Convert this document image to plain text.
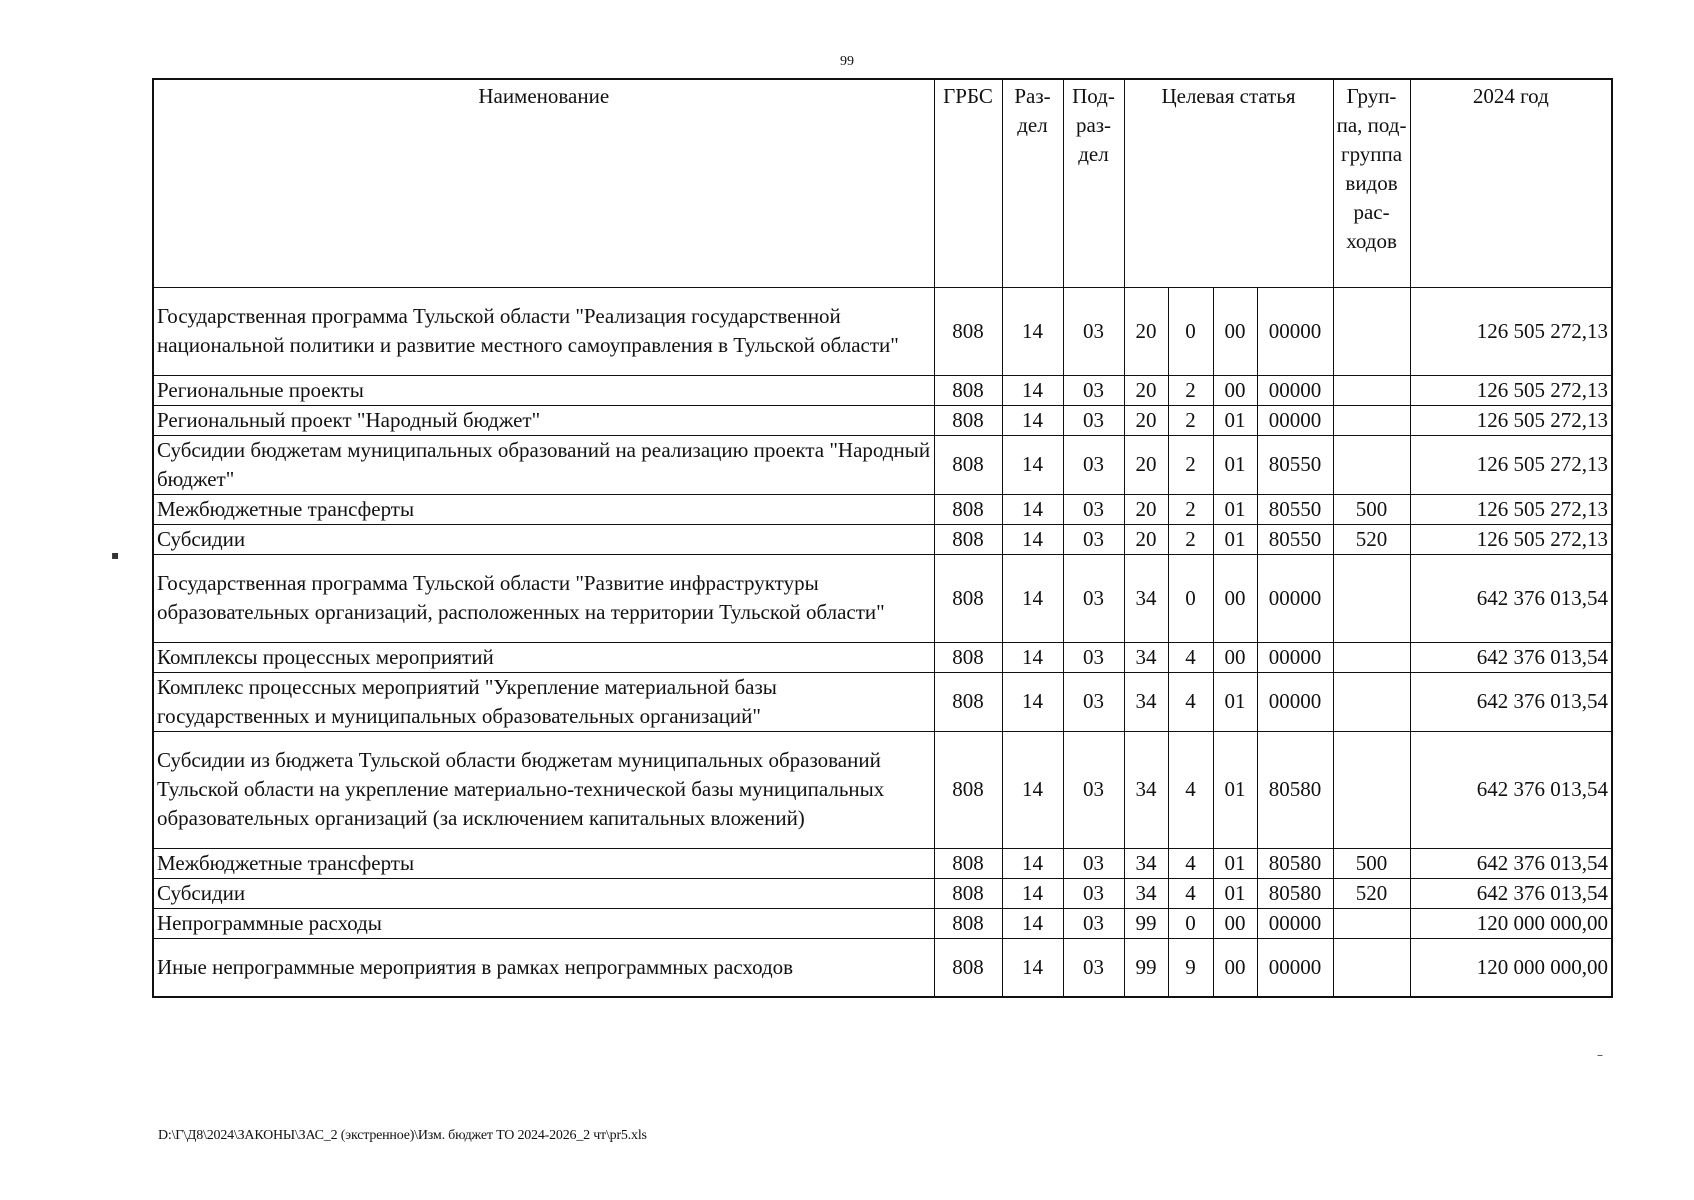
99
Наименование	ГРБС	Раз- дел	Под- раз- дел	Целевая статья				Груп- па, под- группа видов рас- ходов	2024 год
Государственная программа Тульской области "Реализация государственной национальной политики и развитие местного самоуправления в Тульской области"	808	14	03	20	0	00	00000		126 505 272,13
Региональные проекты	808	14	03	20	2	00	00000		126 505 272,13
Региональный проект "Народный бюджет"	808	14	03	20	2	01	00000		126 505 272,13
Субсидии бюджетам муниципальных образований на реализацию проекта "Народный бюджет"	808	14	03	20	2	01	80550		126 505 272,13
Межбюджетные трансферты	808	14	03	20	2	01	80550	500	126 505 272,13
Субсидии	808	14	03	20	2	01	80550	520	126 505 272,13
Государственная программа Тульской области "Развитие инфраструктуры образовательных организаций, расположенных на территории Тульской области"	808	14	03	34	0	00	00000		642 376 013,54
Комплексы процессных мероприятий	808	14	03	34	4	00	00000		642 376 013,54
Комплекс процессных мероприятий "Укрепление материальной базы государственных и муниципальных образовательных организаций"	808	14	03	34	4	01	00000		642 376 013,54
Субсидии из бюджета Тульской области бюджетам муниципальных образований Тульской области на укрепление материально-технической базы муниципальных образовательных организаций (за исключением капитальных вложений)	808	14	03	34	4	01	80580		642 376 013,54
Межбюджетные трансферты	808	14	03	34	4	01	80580	500	642 376 013,54
Субсидии	808	14	03	34	4	01	80580	520	642 376 013,54
Непрограммные расходы	808	14	03	99	0	00	00000		120 000 000,00
Иные непрограммные мероприятия в рамках непрограммных расходов	808	14	03	99	9	00	00000		120 000 000,00
▪
–
D:\Г\Д8\2024\ЗАКОНЫ\ЗАС_2 (экстренное)\Изм. бюджет ТО 2024-2026_2 чт\pr5.xls
